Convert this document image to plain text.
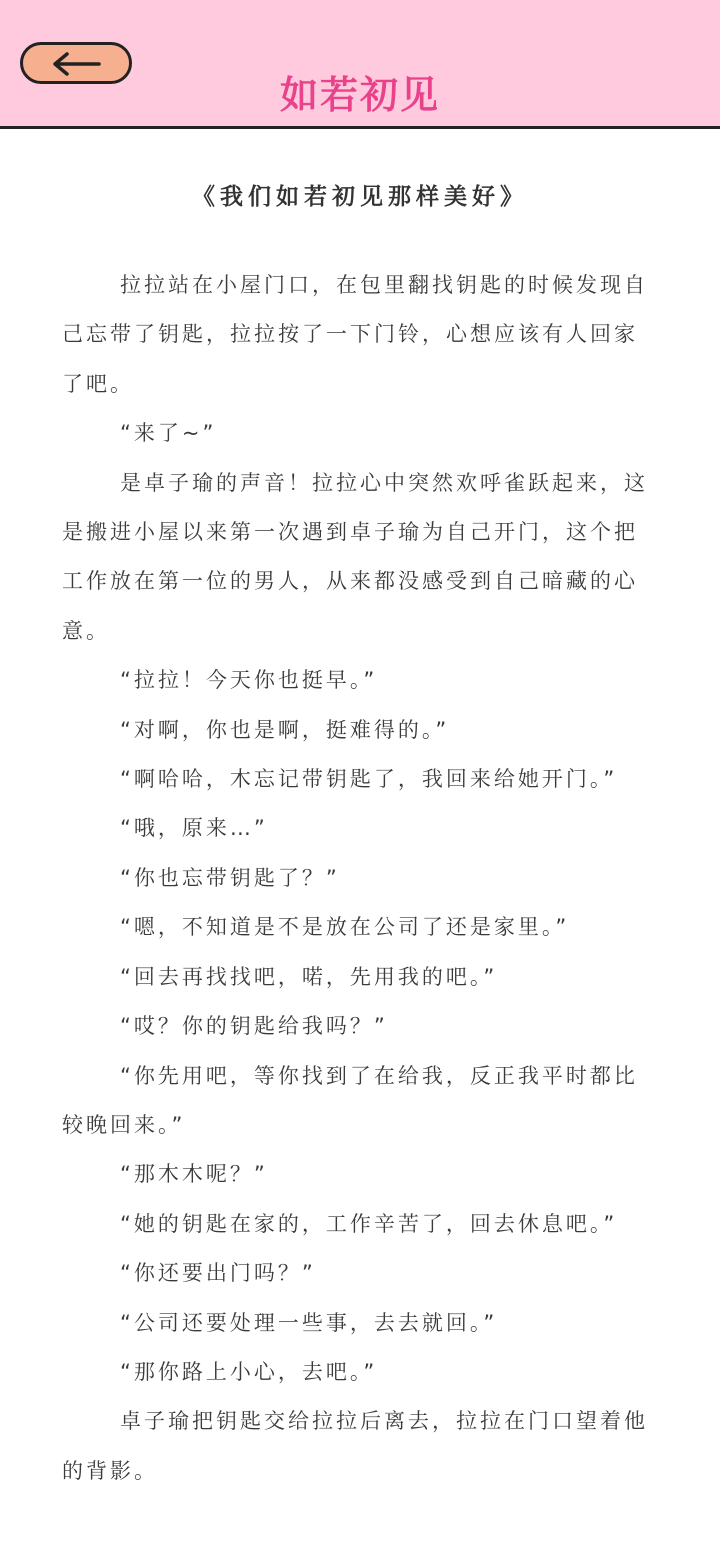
如若初见
《我们如若初见那样美好》

拉拉站在小屋门口，在包里翻找钥匙的时候发现自己忘带了钥匙，拉拉按了一下门铃，心想应该有人回家了吧。

“来了~”

是卓子瑜的声音！拉拉心中突然欢呼雀跃起来，这是搬进小屋以来第一次遇到卓子瑜为自己开门，这个把工作放在第一位的男人，从来都没感受到自己暗藏的心意。

“拉拉！今天你也挺早。”

“对啊，你也是啊，挺难得的。”

“啊哈哈，木忘记带钥匙了，我回来给她开门。”

“哦，原来…”

“你也忘带钥匙了？”

“嗯，不知道是不是放在公司了还是家里。”

“回去再找找吧，喏，先用我的吧。”

“哎？你的钥匙给我吗？”

“你先用吧，等你找到了在给我，反正我平时都比较晚回来。”

“那木木呢？”

“她的钥匙在家的，工作辛苦了，回去休息吧。”

“你还要出门吗？”

“公司还要处理一些事，去去就回。”

“那你路上小心，去吧。”

卓子瑜把钥匙交给拉拉后离去，拉拉在门口望着他的背影。
